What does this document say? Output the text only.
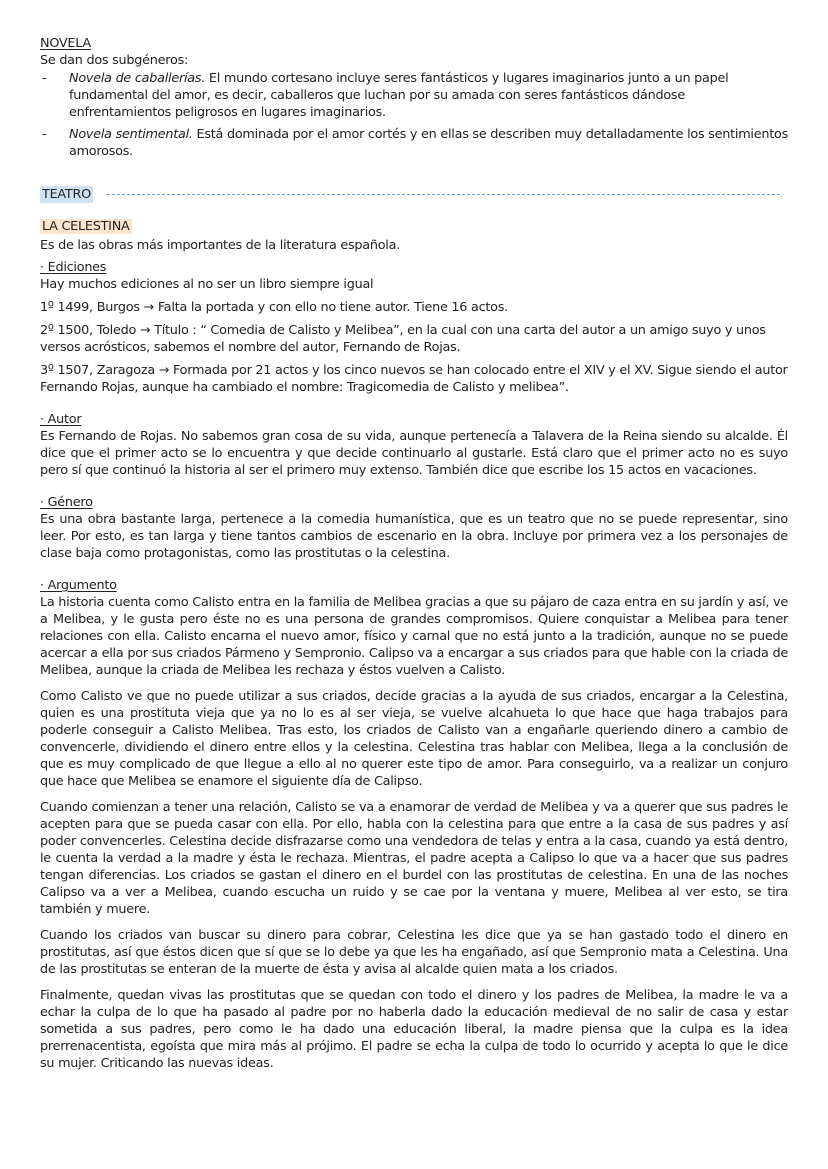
NOVELA
Se dan dos subgéneros:
- Novela de caballerías. El mundo cortesano incluye seres fantásticos y lugares imaginarios junto a un papel fundamental del amor, es decir, caballeros que luchan por su amada con seres fantásticos dándose enfrentamientos peligrosos en lugares imaginarios.
- Novela sentimental. Está dominada por el amor cortés y en ellas se describen muy detalladamente los sentimientos amorosos.
TEATRO
LA CELESTINA
Es de las obras más importantes de la literatura española.
· Ediciones
Hay muchos ediciones al no ser un libro siempre igual
1º 1499, Burgos → Falta la portada y con ello no tiene autor. Tiene 16 actos.
2º 1500, Toledo → Título : “ Comedia de Calisto y Melibea”, en la cual con una carta del autor a un amigo suyo y unos versos acrósticos, sabemos el nombre del autor, Fernando de Rojas.
3º 1507, Zaragoza → Formada por 21 actos y los cinco nuevos se han colocado entre el XIV y el XV. Sigue siendo el autor Fernando Rojas, aunque ha cambiado el nombre: Tragicomedia de Calisto y melibea”.
· Autor
Es Fernando de Rojas. No sabemos gran cosa de su vida, aunque pertenecía a Talavera de la Reina siendo su alcalde. Él dice que el primer acto se lo encuentra y que decide continuarlo al gustarle. Está claro que el primer acto no es suyo pero sí que continuó la historia al ser el primero muy extenso. También dice que escribe los 15 actos en vacaciones.
· Género
Es una obra bastante larga, pertenece a la comedia humanística, que es un teatro que no se puede representar, sino leer. Por esto, es tan larga y tiene tantos cambios de escenario en la obra. Incluye por primera vez a los personajes de clase baja como protagonistas, como las prostitutas o la celestina.
· Argumento
La historia cuenta como Calisto entra en la familia de Melibea gracias a que su pájaro de caza entra en su jardín y así, ve a Melibea, y le gusta pero éste no es una persona de grandes compromisos. Quiere conquistar a Melibea para tener relaciones con ella. Calisto encarna el nuevo amor, físico y carnal que no está junto a la tradición, aunque no se puede acercar a ella por sus criados Pármeno y Sempronio. Calipso va a encargar a sus criados para que hable con la criada de Melibea, aunque la criada de Melibea les rechaza y éstos vuelven a Calisto.
Como Calisto ve que no puede utilizar a sus criados, decide gracias a la ayuda de sus criados, encargar a la Celestina, quien es una prostituta vieja que ya no lo es al ser vieja, se vuelve alcahueta lo que hace que haga trabajos para poderle conseguir a Calisto Melibea. Tras esto, los criados de Calisto van a engañarle queriendo dinero a cambio de convencerle, dividiendo el dinero entre ellos y la celestina. Celestina tras hablar con Melibea, llega a la conclusión de que es muy complicado de que llegue a ello al no querer este tipo de amor. Para conseguirlo, va a realizar un conjuro que hace que Melibea se enamore el siguiente día de Calipso.
Cuando comienzan a tener una relación, Calisto se va a enamorar de verdad de Melibea y va a querer que sus padres le acepten para que se pueda casar con ella. Por ello, habla con la celestina para que entre a la casa de sus padres y así poder convencerles. Celestina decide disfrazarse como una vendedora de telas y entra a la casa, cuando ya está dentro, le cuenta la verdad a la madre y ésta le rechaza. Mientras, el padre acepta a Calipso lo que va a hacer que sus padres tengan diferencias. Los criados se gastan el dinero en el burdel con las prostitutas de celestina. En una de las noches Calipso va a ver a Melibea, cuando escucha un ruido y se cae por la ventana y muere, Melibea al ver esto, se tira también y muere.
Cuando los criados van buscar su dinero para cobrar, Celestina les dice que ya se han gastado todo el dinero en prostitutas, así que éstos dicen que sí que se lo debe ya que les ha engañado, así que Sempronio mata a Celestina. Una de las prostitutas se enteran de la muerte de ésta y avisa al alcalde quien mata a los criados.
Finalmente, quedan vivas las prostitutas que se quedan con todo el dinero y los padres de Melibea, la madre le va a echar la culpa de lo que ha pasado al padre por no haberla dado la educación medieval de no salir de casa y estar sometida a sus padres, pero como le ha dado una educación liberal, la madre piensa que la culpa es la idea prerrenacentista, egoísta que mira más al prójimo. El padre se echa la culpa de todo lo ocurrido y acepta lo que le dice su mujer. Criticando las nuevas ideas.
